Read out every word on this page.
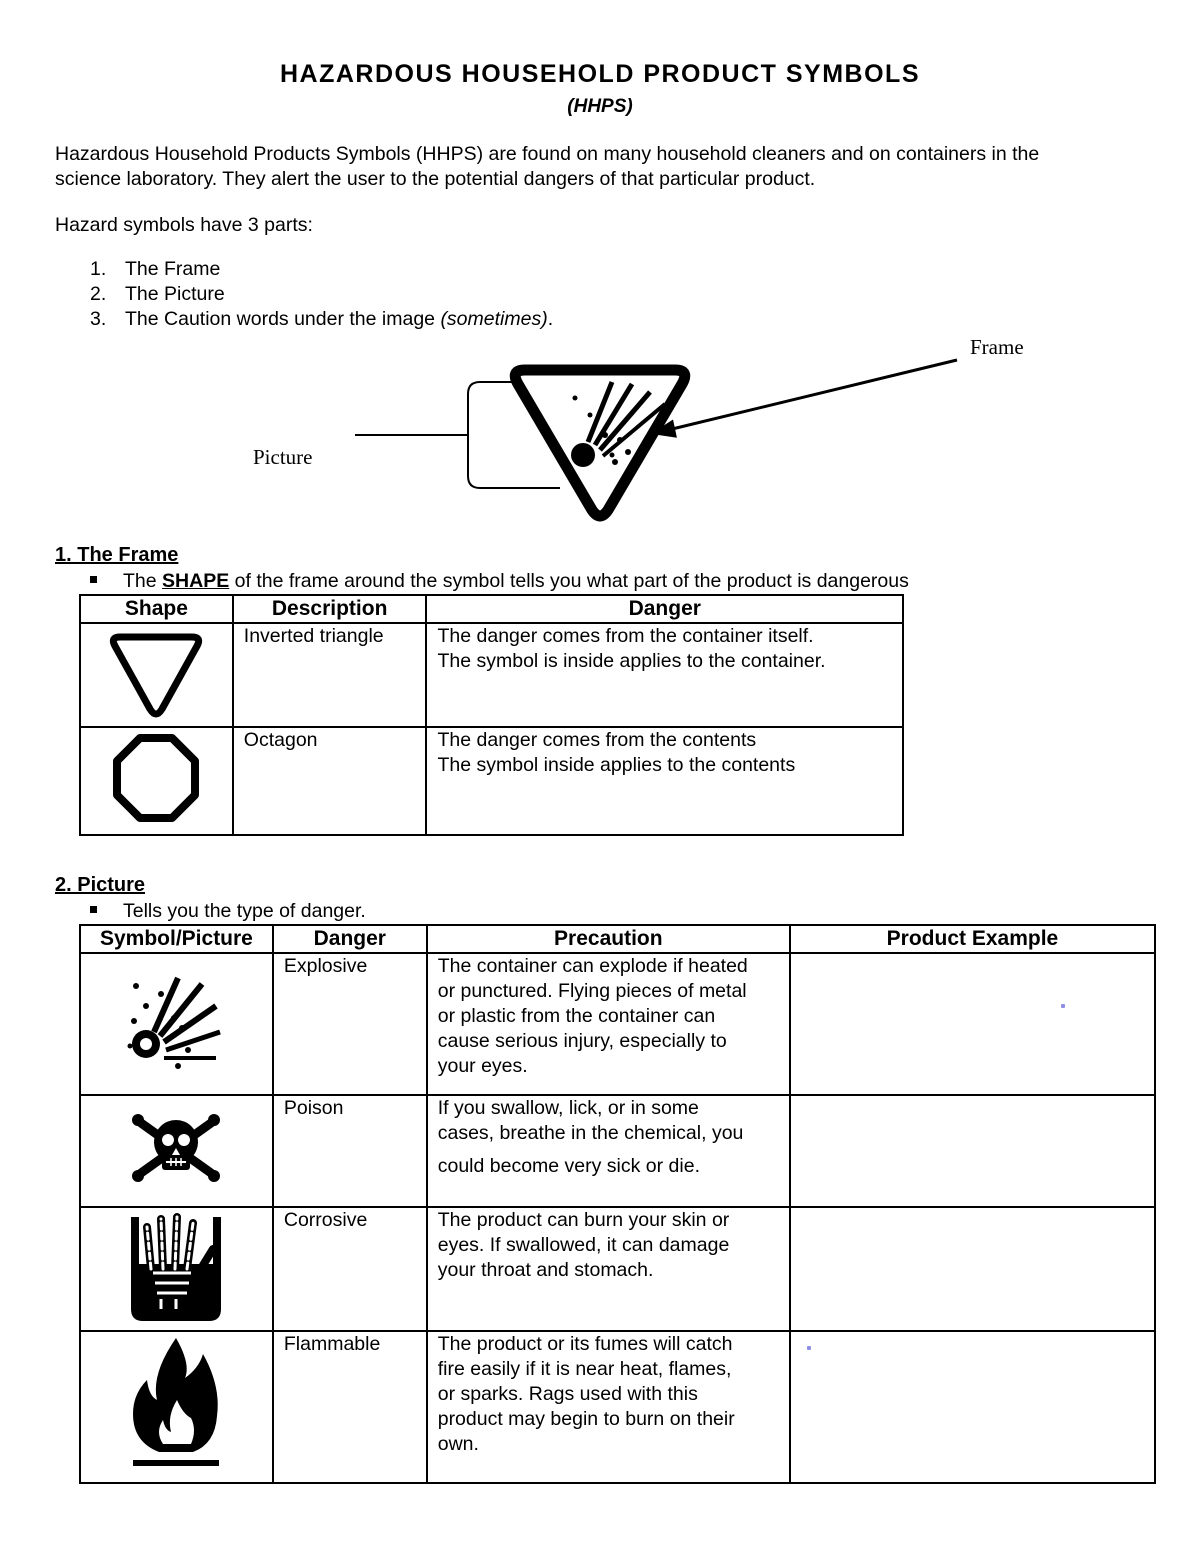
HAZARDOUS HOUSEHOLD PRODUCT SYMBOLS
(HHPS)
Hazardous Household Products Symbols (HHPS) are found on many household cleaners and on containers in the
science laboratory. They alert the user to the potential dangers of that particular product.
Hazard symbols have 3 parts:
1. The Frame
2. The Picture
3. The Caution words under the image (sometimes).
Frame
Picture
1. The Frame
The SHAPE of the frame around the symbol tells you what part of the product is dangerous
Shape	Description	Danger

Inverted triangle	The danger comes from the container itself.
The symbol is inside applies to the container.

Octagon	The danger comes from the contents
The symbol inside applies to the contents
2. Picture
Tells you the type of danger.
Symbol/Picture	Danger	Precaution	Product Example

Explosive	The container can explode if heated
or punctured. Flying pieces of metal
or plastic from the container can
cause serious injury, especially to
your eyes.	

Poison	If you swallow, lick, or in some
cases, breathe in the chemical, you
could become very sick or die.	

Corrosive	The product can burn your skin or
eyes. If swallowed, it can damage
your throat and stomach.	

Flammable	The product or its fumes will catch
fire easily if it is near heat, flames,
or sparks. Rags used with this
product may begin to burn on their
own.	
